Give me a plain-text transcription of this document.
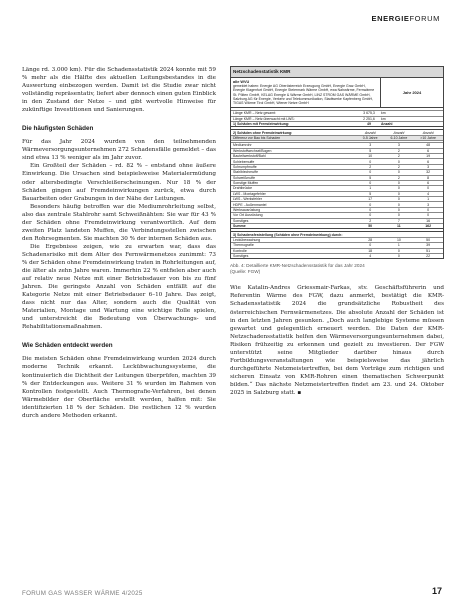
ENERGIEFORUM

Länge rd. 3.000 km). Für die Schadensstatistik 2024 konnte mit 59 % mehr als die Hälfte des aktuellen Leitungsbestandes in die Auswertung einbezogen werden. Damit ist die Studie zwar nicht vollständig repräsentativ, liefert aber dennoch einen guten Einblick in den Zustand der Netze – und gibt wertvolle Hinweise für zukünftige Investitionen und Sanierungen.

Die häufigsten Schäden

Für das Jahr 2024 wurden von den teilnehmenden Wärmeversorgungsunternehmen 272 Schadensfälle gemeldet – das sind etwa 13 % weniger als im Jahr zuvor.

Ein Großteil der Schäden – rd. 82 % – entstand ohne äußere Einwirkung. Die Ursachen sind beispielsweise Materialermüdung oder altersbedingte Verschleißerscheinungen. Nur 18 % der Schäden gingen auf Fremdeinwirkungen zurück, etwa durch Bauarbeiten oder Grabungen in der Nähe der Leitungen.

Besonders häufig betroffen war die Mediumrohrleitung selbst, also das zentrale Stahlrohr samt Schweißnähten: Sie war für 43 % der Schäden ohne Fremdeinwirkung verantwortlich. Auf dem zweiten Platz landeten Muffen, die Verbindungsstellen zwischen den Rohrsegmenten. Sie machten 30 % der internen Schäden aus.

Die Ergebnisse zeigen, wie zu erwarten war, dass das Schadensrisiko mit dem Alter des Fernwärmenetzes zunimmt: 73 % der Schäden ohne Fremdeinwirkung traten in Rohrleitungen auf, die älter als zehn Jahre waren. Immerhin 22 % entfielen aber auch auf relativ neue Netze mit einer Betriebsdauer von bis zu fünf Jahren. Die geringste Anzahl von Schäden entfällt auf die Kategorie Netze mit einer Betriebsdauer 6–10 Jahre. Das zeigt, dass nicht nur das Alter, sondern auch die Qualität von Materialien, Montage und Wartung eine wichtige Rolle spielen, und unterstreicht die Bedeutung von Überwachungs- und Rehabilitationsmaßnahmen.

Wie Schäden entdeckt werden

Die meisten Schäden ohne Fremdeinwirkung wurden 2024 durch moderne Technik erkannt. Leckübwachungssysteme, die kontinuierlich die Dichtheit der Leitungen überprüfen, machten 39 % der Entdeckungen aus. Weitere 31 % wurden im Rahmen von Kontrollen festgestellt. Auch Thermografie-Verfahren, bei denen Wärmebilder der Oberfläche erstellt werden, halfen mit: Sie identifizierten 18 % der Schäden. Die restlichen 12 % wurden durch andere Methoden erkannt.

Netzschadenstatistik KMR
alle WVU
gemeldet haben: Energie AG Oberösterreich Erzeugung GmbH, Energie Graz GmbH, Energie Klagenfurt GmbH, Energie Steiermark Wärme GmbH, ewa Nahwärme, Fernwärme St. Pölten GmbH, KELAG Energie & Wärme GmbH, LINZ STROM GAS WÄRME GmbH, Salzburg AG für Energie, Verkehr und Telekommunikation, Stadtwerke Kapfenberg GmbH, TIGAS Wärme Tirol GmbH, Wiener Netze GmbH
Jahr 2024
Länge KMR – Netz gesamt:	3 675,3	km
Länge KMR – Netz überwacht mit LWS:	2 251,6	km
1) Schäden mit Fremdeinwirkung:	49	Anzahl
2) Schäden ohne Fremdeinwirkung:	Anzahl	Anzahl	Anzahl
Differenz vor Bau bis Schaden	0-5 Jahre	6-10 Jahre	>10 Jahre
Mediumrohr	3	3	48
Werkstoffwechsel/Bogen	5	2	6
Bauteilwerkstoff/Bahl	10	2	19
Schiebemuffe	0	0	6
Schrumpfmuffe	2	2	3
Stahlblechmuffe	0	0	32
Schweißmuffe	5	2	8
Sonstige Muffen	0	0	6
Drahtbrücke	1	0	0
LWS - Montagefehler	5	0	4
LWS - Werksfehler	17	0	1
HDPE - Außenmantel	0	0	3
Werksausrüstung	0	0	0
Vor Ort Ausrüstung	0	0	0
Sonstiges	2	7	16
Summe	50	11	162
3) Schadensfeststellung (Schäden ohne Fremdeinwirkung) durch:
Leckübewachung	28	10	50
Thermografie	0	1	39
Kontrolle	18	0	51
Sonstiges	4	0	22
Abb. 4: Detaillierte KMR-Netzschadensstatistik für das Jahr 2024
(Quelle: FGW)

Wie Katalin-Andres Griessmair-Farkas, stv. Geschäftsführerin und Referentin Wärme des FGW, dazu anmerkt, bestätigt die KMR-Schadensstatistik 2024 die grundsätzliche Robustheit des österreichischen Fernwärmenetzes. Die absolute Anzahl der Schäden ist in den letzten Jahren gesunken. „Doch auch langlebige Systeme müssen gewartet und gelegentlich erneuert werden. Die Daten der KMR-Netzschadensstatistik helfen den Wärmeversorgungsunternehmen dabei, Risiken frühzeitig zu erkennen und gezielt zu investieren. Der FGW unterstützt seine Mitglieder darüber hinaus durch Fortbildungsveranstaltungen wie beispielsweise das jährlich durchgeführte Netzmeistertreffen, bei dem Vorträge zum richtigen und sicheren Einsatz von KMR-Rohren einen thematischen Schwerpunkt bilden.“ Das nächste Netzmeistertreffen findet am 23. und 24. Oktober 2025 in Salzburg statt. ▪

FORUM GAS WASSER WÄRME 4/2025	17
